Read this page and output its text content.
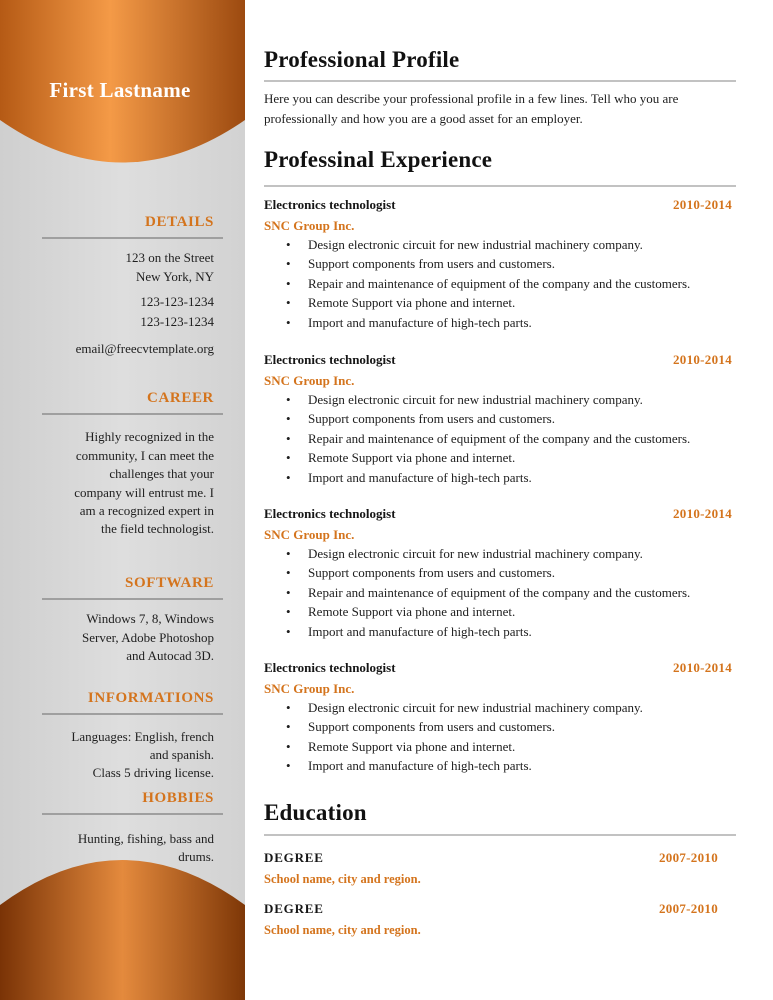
First Lastname
DETAILS
123 on the Street
New York, NY
123-123-1234
123-123-1234
email@freecvtemplate.org
CAREER
Highly recognized in the
community, I can meet the
challenges that your
company will entrust me. I
am a recognized expert in
the field technologist.
SOFTWARE
Windows 7, 8, Windows
Server, Adobe Photoshop
and Autocad 3D.
INFORMATIONS
Languages: English, french
and spanish.
Class 5 driving license.
HOBBIES
Hunting, fishing, bass and
drums.
Professional Profile
Here you can describe your professional profile in a few lines. Tell who you are professionally and how you are a good asset for an employer.
Professinal Experience
Electronics technologist	2010-2014
SNC Group Inc.
• Design electronic circuit for new industrial machinery company.
• Support components from users and customers.
• Repair and maintenance of equipment of the company and the customers.
• Remote Support via phone and internet.
• Import and manufacture of high-tech parts.
Electronics technologist	2010-2014
SNC Group Inc.
• Design electronic circuit for new industrial machinery company.
• Support components from users and customers.
• Repair and maintenance of equipment of the company and the customers.
• Remote Support via phone and internet.
• Import and manufacture of high-tech parts.
Electronics technologist	2010-2014
SNC Group Inc.
• Design electronic circuit for new industrial machinery company.
• Support components from users and customers.
• Repair and maintenance of equipment of the company and the customers.
• Remote Support via phone and internet.
• Import and manufacture of high-tech parts.
Electronics technologist	2010-2014
SNC Group Inc.
• Design electronic circuit for new industrial machinery company.
• Support components from users and customers.
• Remote Support via phone and internet.
• Import and manufacture of high-tech parts.
Education
DEGREE	2007-2010
School name, city and region.
DEGREE	2007-2010
School name, city and region.
